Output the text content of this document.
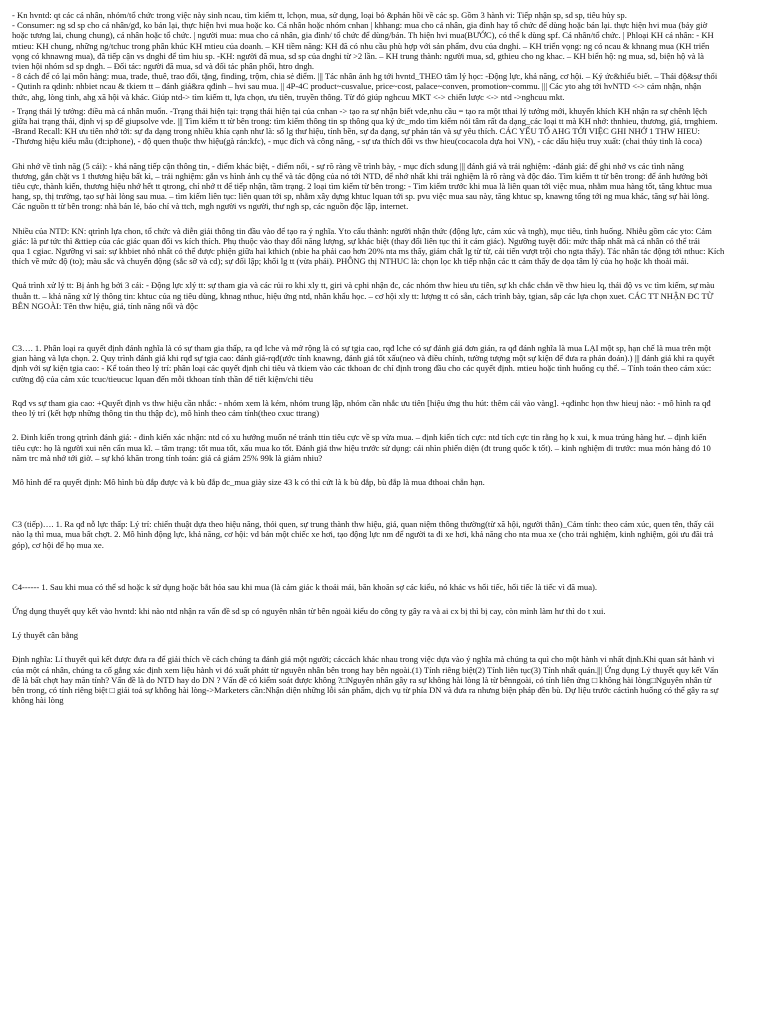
- Kn hvntd: qt các cá nhân, nhóm/tổ chức trong việc này sinh ncau, tìm kiếm tt, lchọn, mua, sử dụng, loại bỏ &phản hồi về các sp. Gồm 3 hành vi: Tiếp nhận sp, sd sp, tiêu hủy sp.

- Consumer: ng sd sp cho cá nhân/gđ, ko bán lại, thực hiện hvi mua hoặc ko. Cá nhân hoặc nhóm cnhan | khhang: mua cho cá nhân, gia đình hay tổ chức để dùng hoặc bán lại. thực hiện hvi mua (bảy giờ

hoặc tương lai, chung chung), cá nhân hoặc tổ chức. | người mua: mua cho cá nhân, gia đình/ tổ chức để dùng/bán. Th hiện hvi mua(BƯỚC), có thể k dùng spf. Cá nhân/tổ chức. | Phloại KH cá nhân: - KH

mtieu: KH chung, những ng/tchuc trong phân khúc KH mtieu của doanh. – KH tiềm năng: KH đã có nhu cầu phù hợp với sản phẩm, dvu của dnghi. – KH triển vọng: ng có ncau & khnang mua (KH triển

vọng có khnawng mua), đã tiếp cận vs dnghi để tìm hiu sp. -KH: người đã mua, sd sp của dnghi từ >2 lần. – KH trung thành: người mua, sd, gthieu cho ng khac. – KH biển hộ: ng mua, sd, biện hộ và là

tvien hội nhóm sd sp dngh. – Đối tác: người đã mua, sd và đối tác phân phối, htro dngh.

- 8 cách để có lại môn hàng: mua, trade, thuê, trao đổi, tặng, finding, trộm, chia sẻ điểm. ||| Tác nhân ảnh hg tới hvntd_THEO tâm lý học: -Động lực, khả năng, cơ hội. – Ký ức&hiểu biết. – Thái độ&sự thổi

- Qutinh ra qdinh: nhbiet ncau & tkiem tt – đánh giá&ra qđinh – hvi sau mua. || 4P-4C product~cusvalue, price~cost, palace~conven, promotion~commu. ||| Các yto ahg tới hvNTD <-> cảm nhận, nhận

thức, ahg, lòng tinh, ahg xã hội và khác. Giúp ntd-> tìm kiếm tt, lựa chọn, ưu tiên, truyền thông. Từ đó giúp nghcuu MKT <-> chiến lược <-> ntd ->nghcuu mkt.

- Trạng thái lý tưởng: điều mà cá nhân muốn. -Trạng thái hiện tại: trạng thái hiện tại của cnhan -> tạo ra sự nhận biết vde,nhu cầu = tạo ra một tthai lý tưởng mới, khuyến khích KH nhận ra sự chênh lệch

giữa hai trạng thái, định vị sp để giupsolve vde. ||| Tìm kiếm tt từ bên trong: tìm kiếm thông tin sp thông qua ký ức_mdo tìm kiếm nói tâm rất đa dạng_các loại tt mà KH nhớ: thnhieu, thương, giá, trnghiem.

-Brand Recall: KH ưu tiên nhớ tới: sự đa dạng trong nhiều khía cạnh như là: số lg thư hiệu, tính bền, sự đa dạng, sự phản tán và sự yêu thích. CÁC YẾU TỐ AHG TỚI VIỆC GHI NHỚ 1 THW HIEU:

-Thương hiệu kiểu mẫu (đt:iphone), - độ quen thuộc thw hiệu(gà rán:kfc), - mục đích và công năng, - sự ưa thích đối vs thw hieu(cocacola dựa hoi VN), - các dấu hiệu truy xuất: (chai thủy tinh là coca)

Ghi nhớ về tình năg (5 cái): - khả năng tiếp cận thông tin, - điểm khác biệt, - điểm nổi, - sự rõ ràng về trình bày, - mục đích sdung ||| đánh giá và trải nghiệm: -đánh giá: để ghi nhớ vs các tình năng

thương, gắn chặt vs 1 thương hiệu bất kì, – trải nghiệm: gắn vs hình ảnh cụ thể và tác động của nó tới NTD, để nhớ nhất khi trải nghiệm là rõ ràng và độc đáo. Tìm kiếm tt từ bên trong: để ảnh hưởng bởi

tiêu cực, thành kiến, thương hiệu nhớ hết tt qtrong, chỉ nhớ tt để tiếp nhận, tầm trạng. 2 loại tìm kiếm từ bên trong: - Tìm kiếm trước khi mua là liên quan tới việc mua, nhằm mua hàng tốt, tăng khtuc mua

hang, sp, thị trường, tạo sự hài lòng sau mua. – tìm kiếm liên tục: liên quan tới sp, nhằm xây dựng khtuc lquan tới sp. pvu việc mua sau này, tăng khtuc sp, knawng tổng tới ng mua khác, tăng sự hài lòng.

Các nguồn tt từ bên trong: nhà bán lẻ, báo chí và ttch, mgh người vs người, thư ngh sp, các nguồn độc lập, internet.

Nhiều của NTD: KN: qtrình lựa chon, tổ chức và diễn giải thông tin đầu vào để tạo ra ý nghĩa. Yto cấu thành: người nhận thức (động lực, cảm xúc và tngh), mục tiêu, tình huống. Nhiễu gồm các yto: Cảm

giác: là pư tức thì &ttiep của các giác quan đối vs kích thích. Phụ thuộc vào thay đổi năng lượng, sự khác biệt (thay đổi liên tục thì ít cảm giác). Ngưỡng tuyệt đối: mức thấp nhất mà cá nhân có thể trải

qua 1 cgiac. Ngưỡng vi sai: sự khbiet nhỏ nhất có thể được phiện giữa hai kthich (nbie ha phải cao hơn 20% nta ms thấy, giảm chất lg từ từ, cải tiến vượt trội cho ngta thấy). Tác nhân tác động tới nthuc: Kích

thích về mức độ (to); màu sắc và chuyển động (sắc sỡ và cd); sự đối lập; khối lg tt (vừa phải). PHÔNG thị NTHUC là: chọn lọc kh tiếp nhận các tt cảm thấy đe dọa tâm lý của họ hoặc kh thoải mái.

Quá trình xử lý tt: Bị ảnh hg bởi 3 cái: - Động lực xlý tt: sự tham gia và các rủi ro khi xly tt, giri và cphi nhận đc, các nhóm thw hieu ưu tiên, sự kh chắc chắn về thw hieu lq, thái độ vs vc tìm kiếm, sự màu

thuẫn tt. – khả năng xử lý thông tin: khtuc của ng tiêu dùng, khnag nthuc, hiệu ứng ntd, nhãn khẩu học. – cơ hội xly tt: lượng tt có sẵn, cách trình bày, tgian, sắp các lựa chọn xuet. CÁC TT NHẬN ĐC TỪ

BÊN NGOÀI: Tên thw hiệu, giá, tính năng nổi và độc

C3…. 1. Phân loại ra quyết định đánh nghĩa là có sự tham gia thấp, ra qđ lche và mở rộng là có sự tgia cao, rqđ lche có sự đánh giá đơn giản, ra qđ đánh nghĩa là mua LẠI một sp, hạn chế là mua trên một

gian hàng và lựa chọn. 2. Quy trình đánh giá khi rqđ sự tgia cao: đánh giá-rqđ(ước tính knawng, đánh giá tốt xấu(neo và điều chỉnh, tường tượng một sự kiện để đưa ra phán đoán).) ||| đánh giá khi ra quyết

định với sự kiện tgia cao: - Kể toán theo lý trí: phân loại các quyết định chi tiêu và tkiem vào các tkhoan đc chỉ định trong đầu cho các quyết định. mtieu hoặc tình huống cụ thể. – Tính toán theo cảm xúc:

cường độ của cảm xúc tcuc/tieucuc lquan đến mỗi tkhoan tính thần để tiết kiệm/chi tiêu

Rqđ vs sự tham gia cao: +Quyết định vs thw hiệu cần nhắc: - nhóm xem là kém, nhóm trung lập, nhóm cần nhắc ưu tiên [hiệu ứng thu hút: thêm cái vào vàng]. +qđinhc họn thw hieuj nào: - mô hình ra qđ

theo lý trí (kết hợp những thông tin thu thập đc), mô hình theo cảm tính(theo cxuc ttrang)

2. Đinh kiến trong qtrình đánh giá: - đinh kiến xác nhận: ntd có xu hướng muốn né tránh ttin tiêu cực về sp vừa mua. – định kiến tích cực: ntd tích cực tin rằng họ k xui, k mua trúng hàng hư. – định kiến

tiêu cực: họ là người xui nên cẩn mua kĩ. – tâm trạng: tốt mua tốt, xấu mua ko tốt. Đánh giá thw hiệu trước sử dụng: cái nhìn phiến diện (đt trung quốc k tốt). – kinh nghiệm đi trước: mua món hàng đó 10

năm trc mà nhớ tới giờ. – sự khó khăn trong tính toán: giá cả giảm 25% 99k là giảm nhiu?

Mô hình để ra quyết định: Mô hình bù đắp được và k bù đắp đc_mua giày size 43 k có thì cứt là k bù đắp, bù đắp là mua đthoai chẳn hạn.

C3 (tiếp)…. 1. Ra qđ nỗ lực thấp: Lý trí: chiến thuật dựa theo hiệu năng, thói quen, sự trung thành thw hiệu, giá, quan niệm thông thường(từ xã hội, người thân)_Cảm tính: theo cảm xúc, quen tên, thấy cái

nào lạ thì mua, mua bất chợt. 2. Mô hình động lực, khả năng, cơ hội: vd bán một chiếc xe hơi, tạo động lực nm để người ta đi xe hơi, khả năng cho nta mua xe (cho trải nghiệm, kinh nghiệm, gói ưu đãi trả

góp), cơ hội để họ mua xe.

C4------ 1. Sau khi mua có thể sd hoặc k sử dụng hoặc bắt hỏa sau khi mua (là cảm giác k thoải mái, băn khoăn sợ các kiểu, nó khác vs hối tiếc, hối tiếc là tiếc vì đã mua).

Ứng dụng thuyết quy kết vào hvntd: khi nào ntd nhận ra vấn đề sd sp có nguyên nhân từ bên ngoài kiểu do công ty gây ra và ai cx bị thì bị cay, còn mình làm hư thì do t xui.

Lý thuyết cân bằng

Định nghĩa: Lí thuyết quì kết được đưa ra để giải thích về cách chúng ta đánh giá một người; cáccách khác nhau trong việc dựa vào ý nghĩa mà chúng ta quì cho một hành vi nhất định.Khi quan sát hành vi

của một cá nhân, chúng ta cố gắng xác định xem liệu hành vi đó xuất phátt từ nguyên nhân bên trong hay bên ngoài.(1) Tính riêng biệt(2) Tính liên tục(3) Tính nhất quán.||| Ứng dụng Lý thuyết quy kết Vấn

đề là bất chợt hay mãn tính? Vấn đề là do NTD hay do DN ? Vấn đề có kiểm soát được không ?□Nguyên nhân gây ra sự không hài lòng là từ bênngoài, có tính liên ứng □ không hài lòng□Nguyên nhân từ

bên trong, có tính riêng biệt □ giải toả sự không hài lòng->Marketers cần:Nhận diện những lỗi sản phẩm, dịch vụ từ phía DN và đưa ra nhưng biện pháp đền bù. Dự liệu trước cáctình huống có thể gây ra sự

không hài lòng
